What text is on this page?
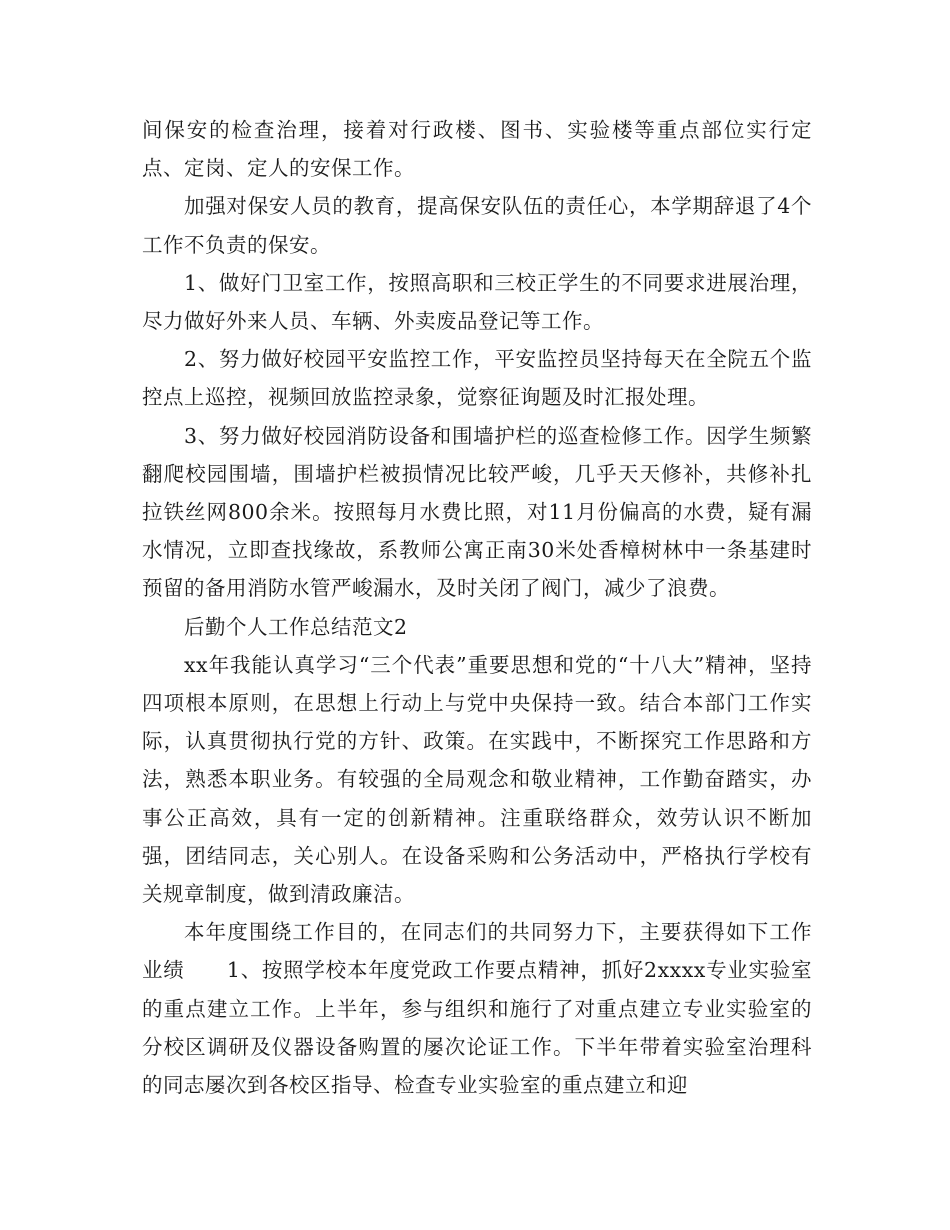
间保安的检查治理，接着对行政楼、图书、实验楼等重点部位实行定点、定岗、定人的安保工作。

加强对保安人员的教育，提高保安队伍的责任心，本学期辞退了4个工作不负责的保安。

1、做好门卫室工作，按照高职和三校正学生的不同要求进展治理，尽力做好外来人员、车辆、外卖废品登记等工作。

2、努力做好校园平安监控工作，平安监控员坚持每天在全院五个监控点上巡控，视频回放监控录象，觉察征询题及时汇报处理。

3、努力做好校园消防设备和围墙护栏的巡查检修工作。因学生频繁翻爬校园围墙，围墙护栏被损情况比较严峻，几乎天天修补，共修补扎拉铁丝网800余米。按照每月水费比照，对11月份偏高的水费，疑有漏水情况，立即查找缘故，系教师公寓正南30米处香樟树林中一条基建时预留的备用消防水管严峻漏水，及时关闭了阀门，减少了浪费。

后勤个人工作总结范文2

xx年我能认真学习“三个代表”重要思想和党的“十八大”精神，坚持四项根本原则，在思想上行动上与党中央保持一致。结合本部门工作实际，认真贯彻执行党的方针、政策。在实践中，不断探究工作思路和方法，熟悉本职业务。有较强的全局观念和敬业精神，工作勤奋踏实，办事公正高效，具有一定的创新精神。注重联络群众，效劳认识不断加强，团结同志，关心别人。在设备采购和公务活动中，严格执行学校有关规章制度，做到清政廉洁。

本年度围绕工作目的，在同志们的共同努力下，主要获得如下工作业绩　　1、按照学校本年度党政工作要点精神，抓好2xxxx专业实验室的重点建立工作。上半年，参与组织和施行了对重点建立专业实验室的分校区调研及仪器设备购置的屡次论证工作。下半年带着实验室治理科的同志屡次到各校区指导、检查专业实验室的重点建立和迎
